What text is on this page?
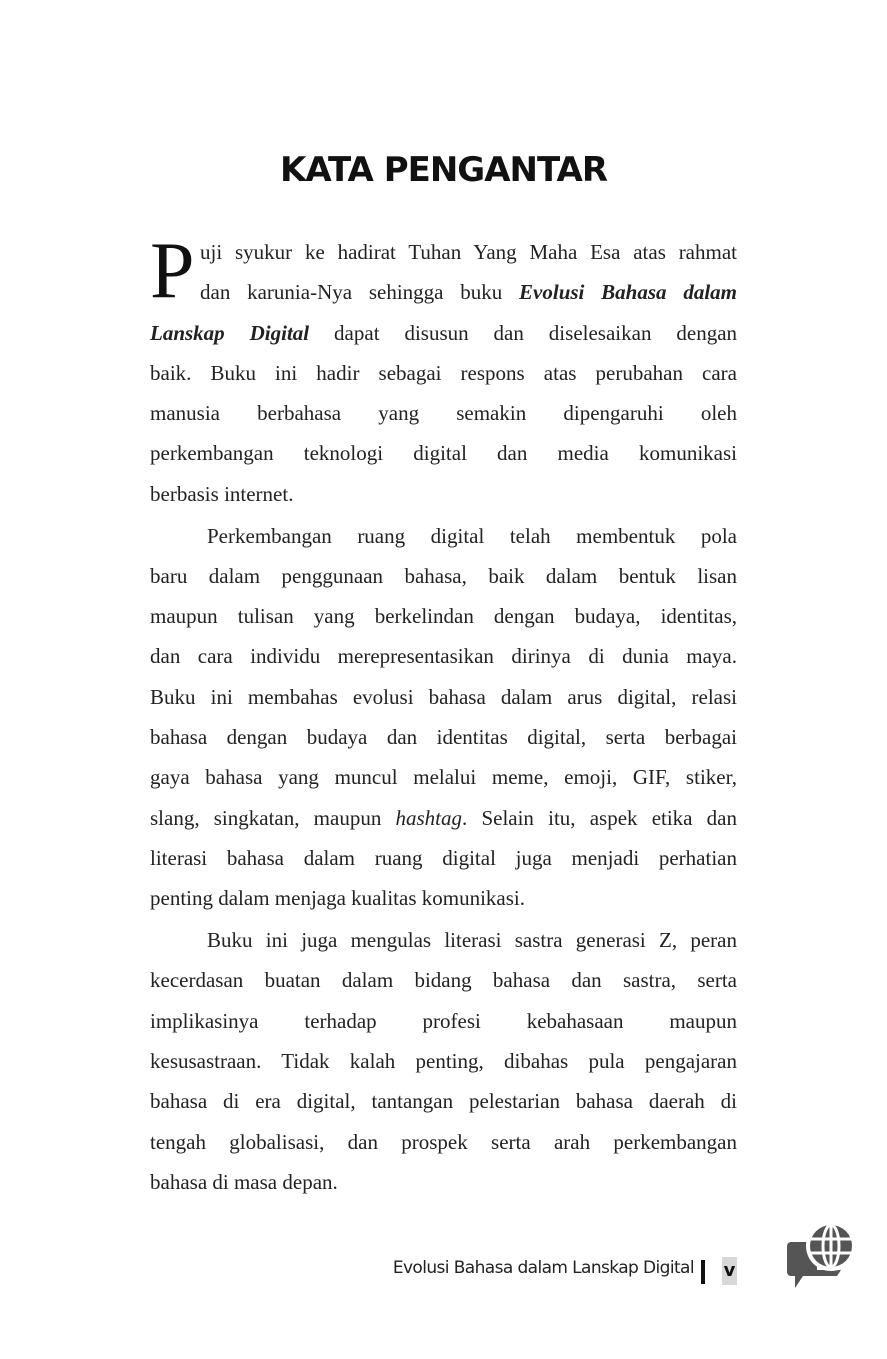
KATA PENGANTAR
P uji syukur ke hadirat Tuhan Yang Maha Esa atas rahmat
dan karunia-Nya sehingga buku Evolusi Bahasa dalam
Lanskap Digital dapat disusun dan diselesaikan dengan
baik. Buku ini hadir sebagai respons atas perubahan cara
manusia berbahasa yang semakin dipengaruhi oleh
perkembangan teknologi digital dan media komunikasi
berbasis internet.
Perkembangan ruang digital telah membentuk pola
baru dalam penggunaan bahasa, baik dalam bentuk lisan
maupun tulisan yang berkelindan dengan budaya, identitas,
dan cara individu merepresentasikan dirinya di dunia maya.
Buku ini membahas evolusi bahasa dalam arus digital, relasi
bahasa dengan budaya dan identitas digital, serta berbagai
gaya bahasa yang muncul melalui meme, emoji, GIF, stiker,
slang, singkatan, maupun hashtag. Selain itu, aspek etika dan
literasi bahasa dalam ruang digital juga menjadi perhatian
penting dalam menjaga kualitas komunikasi.
Buku ini juga mengulas literasi sastra generasi Z, peran
kecerdasan buatan dalam bidang bahasa dan sastra, serta
implikasinya terhadap profesi kebahasaan maupun
kesusastraan. Tidak kalah penting, dibahas pula pengajaran
bahasa di era digital, tantangan pelestarian bahasa daerah di
tengah globalisasi, dan prospek serta arah perkembangan
bahasa di masa depan.
Evolusi Bahasa dalam Lanskap Digital v
